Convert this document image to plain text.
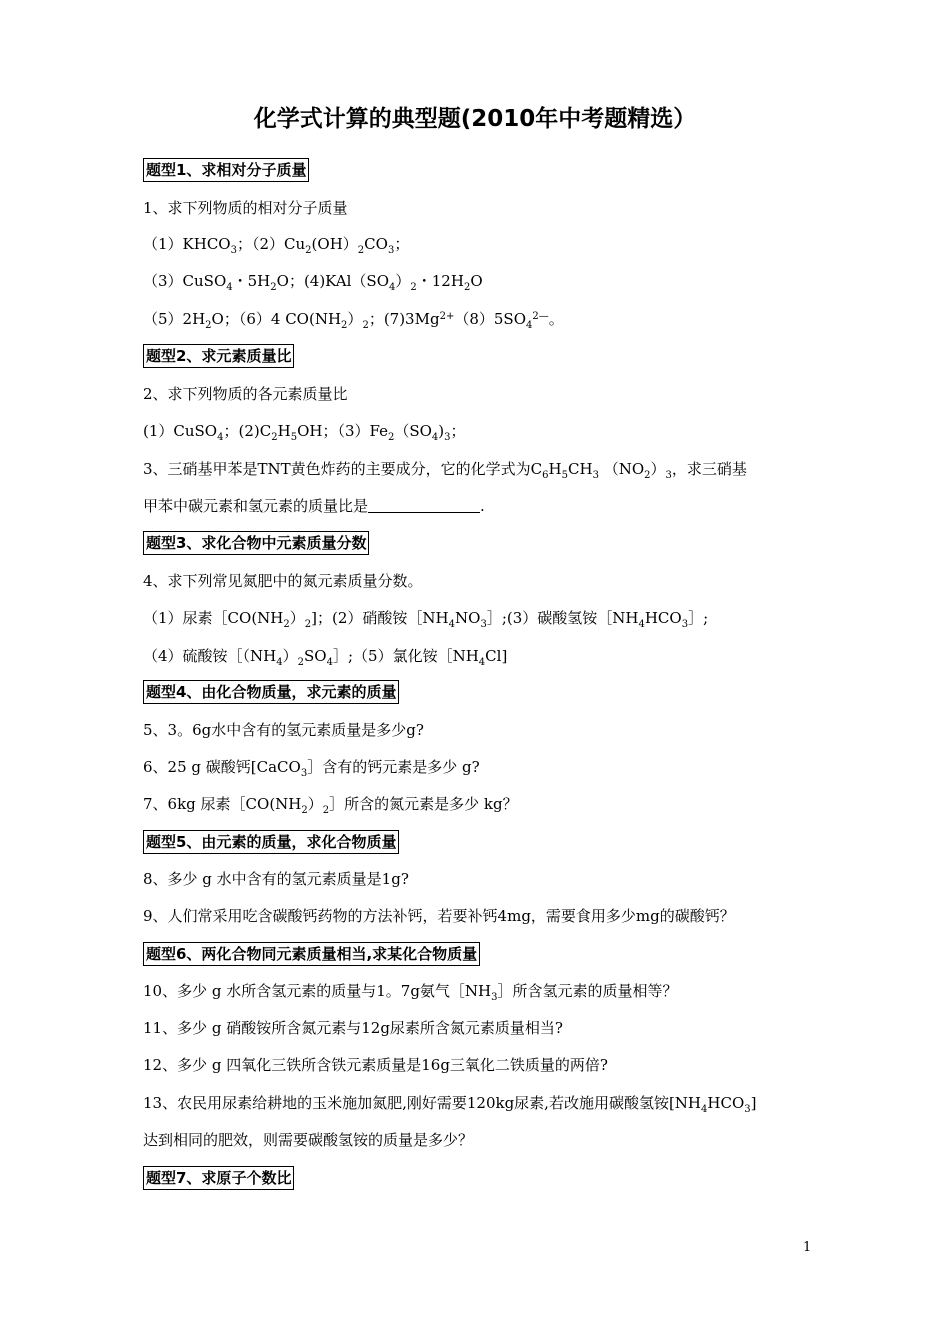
化学式计算的典型题(2010年中考题精选）
题型1、求相对分子质量
1、求下列物质的相对分子质量
$(1)KHCO_3$；$(2)Cu_2(OH)_2CO_3$；
（3）CuSO$_4$・$5H_2O$；$(4)KAl(SO_4)_2$・$12H_2O$
$(5)2H_2O$；（6）4 $CO(NH_2)_2$；$(7)3Mg^{2+}(8)5SO_4^{2—}$。
题型2、求元素质量比
2、求下列物质的各元素质量比
(1）CuSO$_4$；$(2)C_2H_5OH$；$(3)Fe_2(SO_4)_3$；
3、三硝基甲苯是TNT黄色炸药的主要成分，它的化学式为$C_6H_5CH_3$ $(NO_2)_3$，求三硝基
甲苯中碳元素和氢元素的质量比是	.
题型3、求化合物中元素质量分数
4、求下列常见氮肥中的氮元素质量分数。
（1）尿素$[CO(NH_2)_2$]；(2）硝酸铵$[NH_4NO_3];(3)$碳酸氢铵$[NH_4HCO_3]$;
（4）硫酸铵$[(NH_4)_2SO_4];(5)$氯化铵$[NH_4Cl$]
题型4、由化合物质量，求元素的质量
5、3。6g水中含有的氢元素质量是多少g?
6、25 g 碳酸钙[CaCO$_3$］含有的钙元素是多少 g?
7、6kg 尿素$[CO(NH_2)_2]$所含的氮元素是多少 kg？
题型5、由元素的质量，求化合物质量
8、多少 g 水中含有的氢元素质量是1g?
9、人们常采用吃含碳酸钙药物的方法补钙，若要补钙4mg，需要食用多少mg的碳酸钙？
题型6、两化合物同元素质量相当,求某化合物质量
10、多少 g 水所含氢元素的质量与1。7g氨气$[NH_3]$所含氢元素的质量相等？
11、多少 g 硝酸铵所含氮元素与12g尿素所含氮元素质量相当?
12、多少 g 四氧化三铁所含铁元素质量是16g三氧化二铁质量的两倍?
13、农民用尿素给耕地的玉米施加氮肥,刚好需要120kg尿素,若改施用碳酸氢铵$[NH_4HCO_3]$
达到相同的肥效，则需要碳酸氢铵的质量是多少？
题型7、求原子个数比
1
